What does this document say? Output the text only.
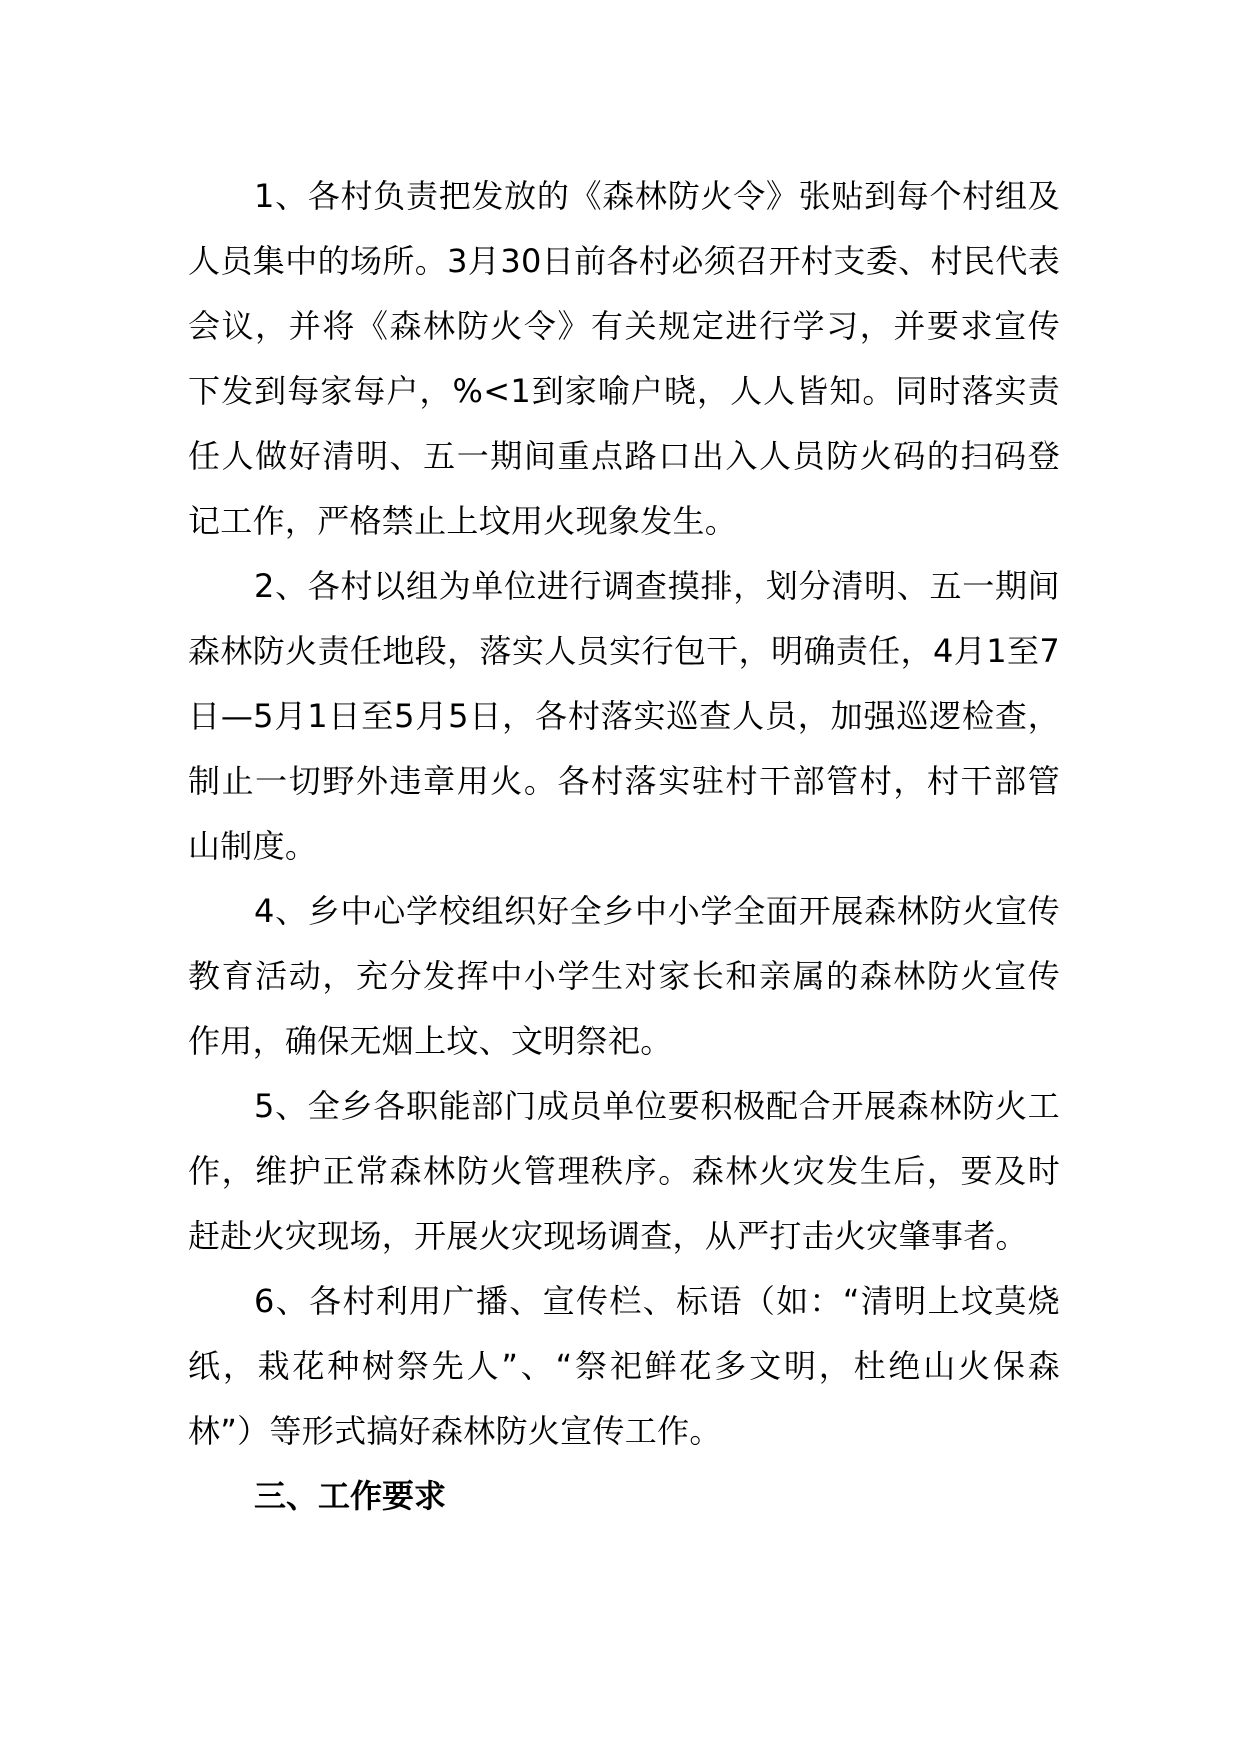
1、各村负责把发放的《森林防火令》张贴到每个村组及人员集中的场所。3月30日前各村必须召开村支委、村民代表会议，并将《森林防火令》有关规定进行学习，并要求宣传下发到每家每户，%<1到家喻户晓，人人皆知。同时落实责任人做好清明、五一期间重点路口出入人员防火码的扫码登记工作，严格禁止上坟用火现象发生。

2、各村以组为单位进行调查摸排，划分清明、五一期间森林防火责任地段，落实人员实行包干，明确责任，4月1至7日—5月1日至5月5日，各村落实巡查人员，加强巡逻检查，制止一切野外违章用火。各村落实驻村干部管村，村干部管山制度。

4、乡中心学校组织好全乡中小学全面开展森林防火宣传教育活动，充分发挥中小学生对家长和亲属的森林防火宣传作用，确保无烟上坟、文明祭祀。

5、全乡各职能部门成员单位要积极配合开展森林防火工作，维护正常森林防火管理秩序。森林火灾发生后，要及时赶赴火灾现场，开展火灾现场调查，从严打击火灾肇事者。

6、各村利用广播、宣传栏、标语（如：“清明上坟莫烧纸，栽花种树祭先人”、“祭祀鲜花多文明，杜绝山火保森林”）等形式搞好森林防火宣传工作。

三、工作要求
